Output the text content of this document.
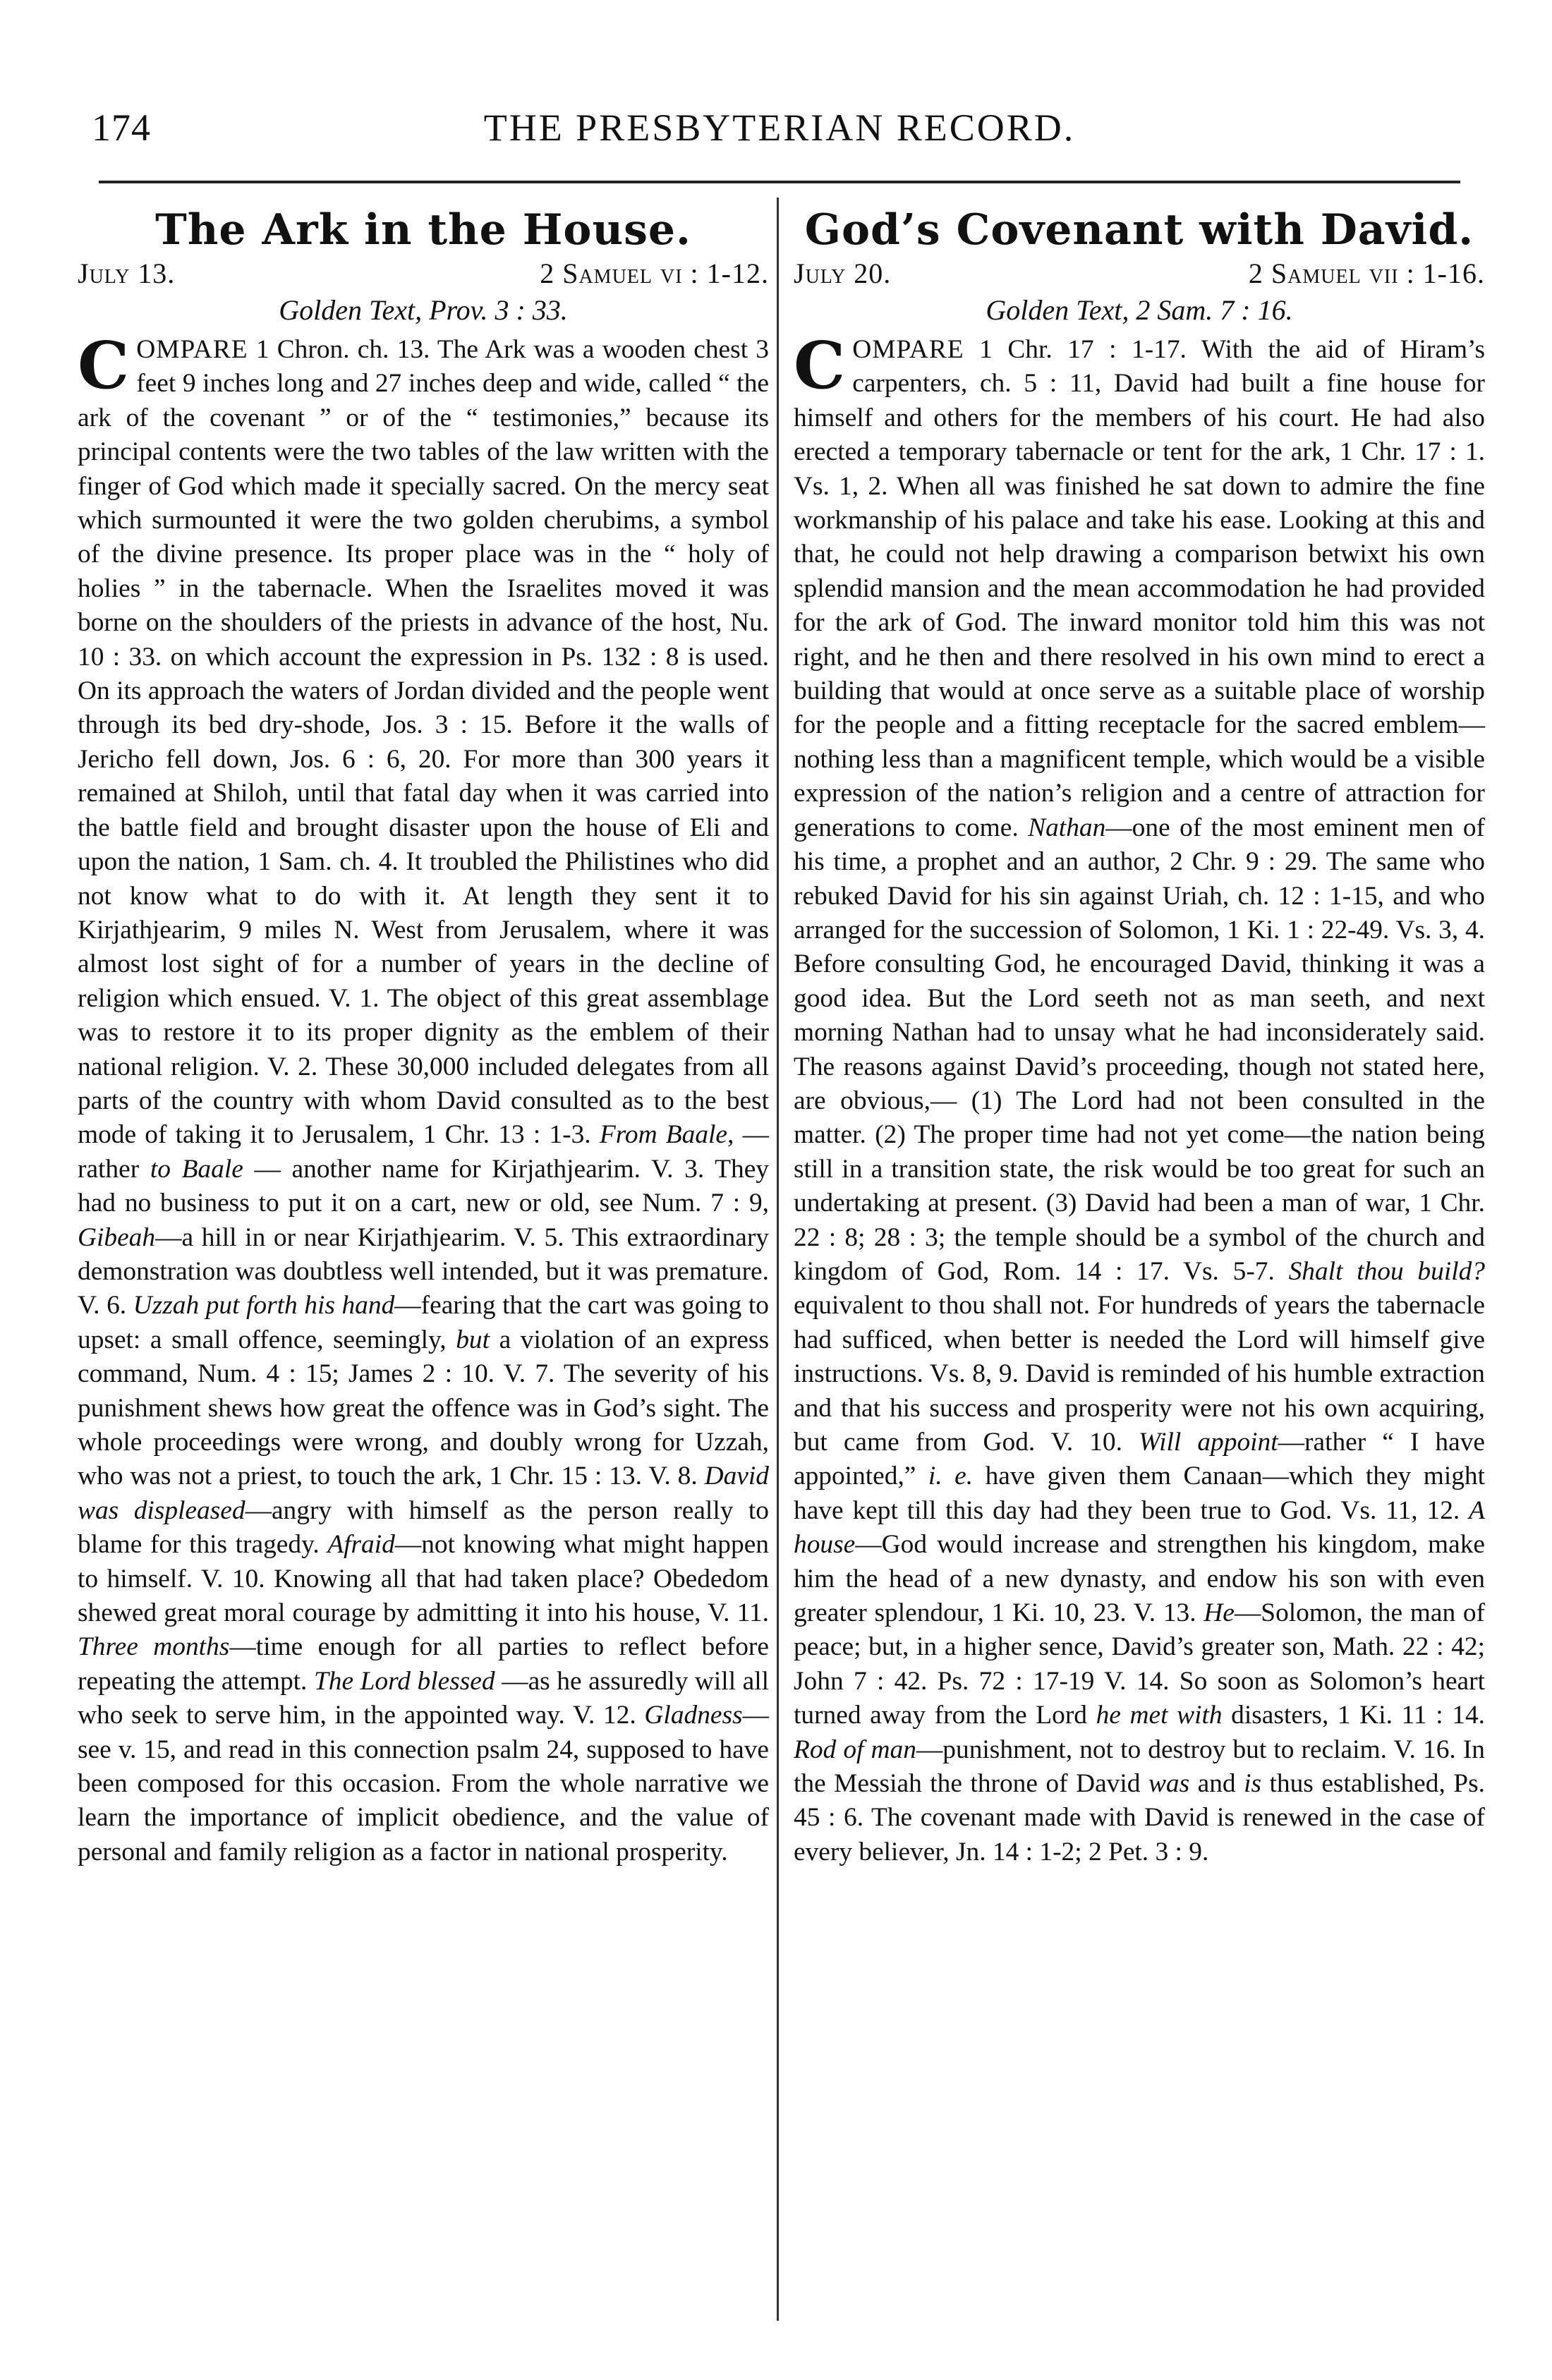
174	THE PRESBYTERIAN RECORD.
The Ark in the House.
July 13.	2 Samuel vi : 1-12.
Golden Text, Prov. 3 : 33.

COMPARE 1 Chron. ch. 13. The Ark was a wooden chest 3 feet 9 inches long and 27 inches deep and wide, called “ the ark of the covenant ” or of the “ testimonies,” because its principal contents were the two tables of the law written with the finger of God which made it specially sacred. On the mercy seat which surmounted it were the two golden cherubims, a symbol of the divine presence. Its proper place was in the “ holy of holies ” in the tabernacle. When the Israelites moved it was borne on the shoulders of the priests in advance of the host, Nu. 10 : 33. on which account the expression in Ps. 132 : 8 is used. On its approach the waters of Jordan divided and the people went through its bed dry-shode, Jos. 3 : 15. Before it the walls of Jericho fell down, Jos. 6 : 6, 20. For more than 300 years it remained at Shiloh, until that fatal day when it was carried into the battle field and brought disaster upon the house of Eli and upon the nation, 1 Sam. ch. 4. It troubled the Philistines who did not know what to do with it. At length they sent it to Kirjathjearim, 9 miles N. West from Jerusalem, where it was almost lost sight of for a number of years in the decline of religion which ensued. V. 1. The object of this great assemblage was to restore it to its proper dignity as the emblem of their national religion. V. 2. These 30,000 included delegates from all parts of the country with whom David consulted as to the best mode of taking it to Jerusalem, 1 Chr. 13 : 1-3. From Baale, — rather to Baale — another name for Kirjathjearim. V. 3. They had no business to put it on a cart, new or old, see Num. 7 : 9, Gibeah—a hill in or near Kirjathjearim. V. 5. This extraordinary demonstration was doubtless well intended, but it was premature. V. 6. Uzzah put forth his hand—fearing that the cart was going to upset: a small offence, seemingly, but a violation of an express command, Num. 4 : 15; James 2 : 10. V. 7. The severity of his punishment shews how great the offence was in God’s sight. The whole proceedings were wrong, and doubly wrong for Uzzah, who was not a priest, to touch the ark, 1 Chr. 15 : 13. V. 8. David was displeased—angry with himself as the person really to blame for this tragedy. Afraid—not knowing what might happen to himself. V. 10. Knowing all that had taken place? Obededom shewed great moral courage by admitting it into his house, V. 11. Three months—time enough for all parties to reflect before repeating the attempt. The Lord blessed —as he assuredly will all who seek to serve him, in the appointed way. V. 12. Gladness— see v. 15, and read in this connection psalm 24, supposed to have been composed for this occasion. From the whole narrative we learn the importance of implicit obedience, and the value of personal and family religion as a factor in national prosperity.

God’s Covenant with David.
July 20.	2 Samuel vii : 1-16.
Golden Text, 2 Sam. 7 : 16.

COMPARE 1 Chr. 17 : 1-17. With the aid of Hiram’s carpenters, ch. 5 : 11, David had built a fine house for himself and others for the members of his court. He had also erected a temporary tabernacle or tent for the ark, 1 Chr. 17 : 1. Vs. 1, 2. When all was finished he sat down to admire the fine workmanship of his palace and take his ease. Looking at this and that, he could not help drawing a comparison betwixt his own splendid mansion and the mean accommodation he had provided for the ark of God. The inward monitor told him this was not right, and he then and there resolved in his own mind to erect a building that would at once serve as a suitable place of worship for the people and a fitting receptacle for the sacred emblem—nothing less than a magnificent temple, which would be a visible expression of the nation’s religion and a centre of attraction for generations to come. Nathan—one of the most eminent men of his time, a prophet and an author, 2 Chr. 9 : 29. The same who rebuked David for his sin against Uriah, ch. 12 : 1-15, and who arranged for the succession of Solomon, 1 Ki. 1 : 22-49. Vs. 3, 4. Before consulting God, he encouraged David, thinking it was a good idea. But the Lord seeth not as man seeth, and next morning Nathan had to unsay what he had inconsiderately said. The reasons against David’s proceeding, though not stated here, are obvious,— (1) The Lord had not been consulted in the matter. (2) The proper time had not yet come—the nation being still in a transition state, the risk would be too great for such an undertaking at present. (3) David had been a man of war, 1 Chr. 22 : 8; 28 : 3; the temple should be a symbol of the church and kingdom of God, Rom. 14 : 17. Vs. 5-7. Shalt thou build? equivalent to thou shall not. For hundreds of years the tabernacle had sufficed, when better is needed the Lord will himself give instructions. Vs. 8, 9. David is reminded of his humble extraction and that his success and prosperity were not his own acquiring, but came from God. V. 10. Will appoint—rather “ I have appointed,” i. e. have given them Canaan—which they might have kept till this day had they been true to God. Vs. 11, 12. A house—God would increase and strengthen his kingdom, make him the head of a new dynasty, and endow his son with even greater splendour, 1 Ki. 10, 23. V. 13. He—Solomon, the man of peace; but, in a higher sence, David’s greater son, Math. 22 : 42; John 7 : 42. Ps. 72 : 17-19 V. 14. So soon as Solomon’s heart turned away from the Lord he met with disasters, 1 Ki. 11 : 14. Rod of man—punishment, not to destroy but to reclaim. V. 16. In the Messiah the throne of David was and is thus established, Ps. 45 : 6. The covenant made with David is renewed in the case of every believer, Jn. 14 : 1-2; 2 Pet. 3 : 9.
